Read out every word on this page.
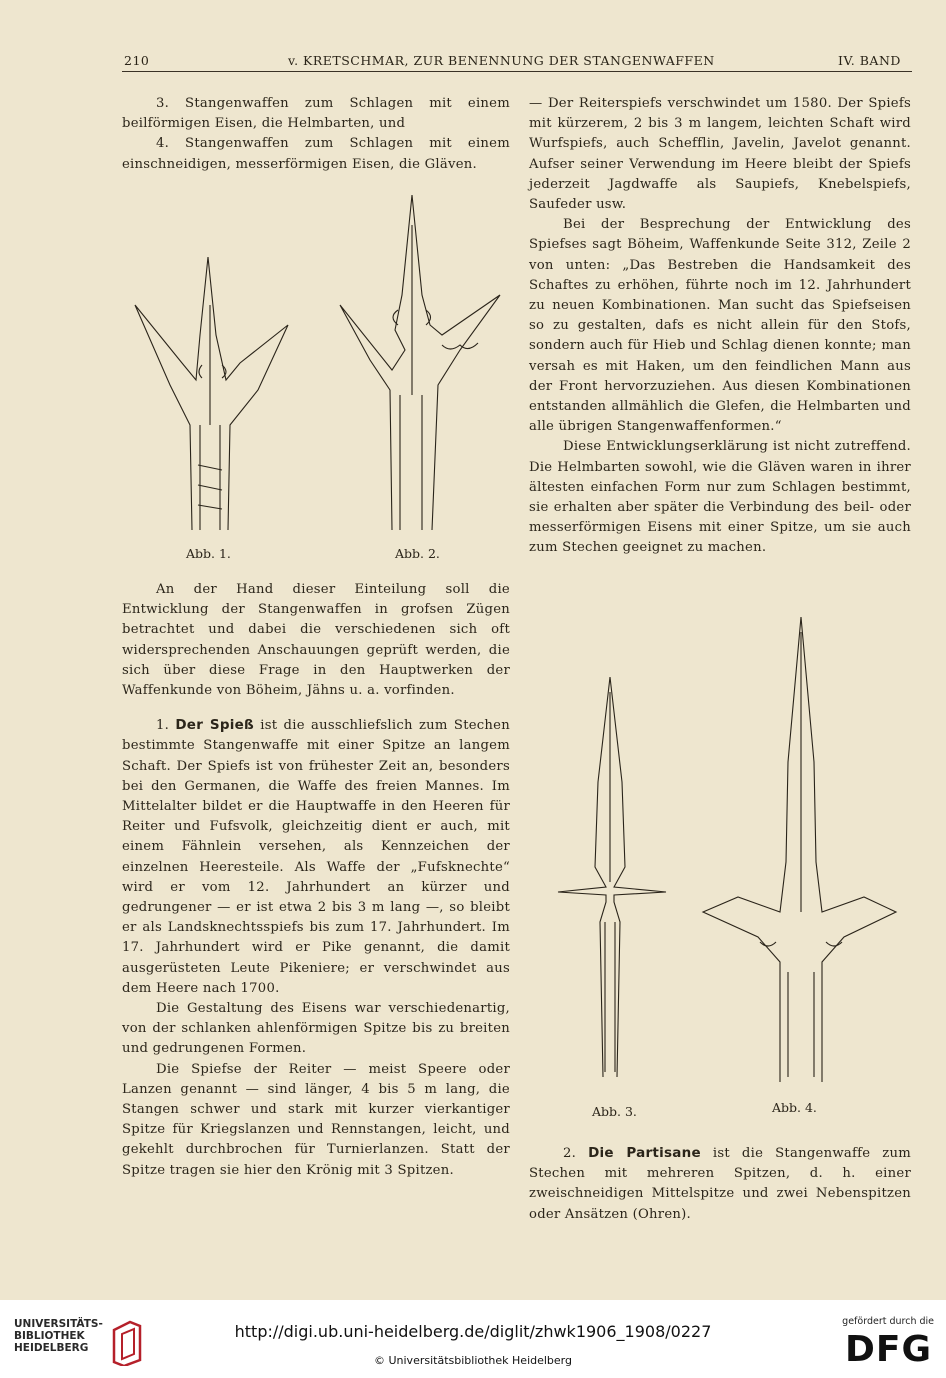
210	v. KRETSCHMAR, ZUR BENENNUNG DER STANGENWAFFEN	IV. BAND

3. Stangenwaffen zum Schlagen mit einem beilförmigen Eisen, die Helmbarten, und

4. Stangenwaffen zum Schlagen mit einem einschneidigen, messerförmigen Eisen, die Gläven.

Abb. 1.	Abb. 2.

An der Hand dieser Einteilung soll die Entwicklung der Stangenwaffen in grofsen Zügen betrachtet und dabei die verschiedenen sich oft widersprechenden Anschauungen geprüft werden, die sich über diese Frage in den Hauptwerken der Waffenkunde von Böheim, Jähns u. a. vorfinden.

1. Der Spieß ist die ausschliefslich zum Stechen bestimmte Stangenwaffe mit einer Spitze an langem Schaft. Der Spiefs ist von frühester Zeit an, besonders bei den Germanen, die Waffe des freien Mannes. Im Mittelalter bildet er die Hauptwaffe in den Heeren für Reiter und Fufsvolk, gleichzeitig dient er auch, mit einem Fähnlein versehen, als Kennzeichen der einzelnen Heeresteile. Als Waffe der „Fufsknechte“ wird er vom 12. Jahrhundert an kürzer und gedrungener — er ist etwa 2 bis 3 m lang —, so bleibt er als Landsknechtsspiefs bis zum 17. Jahrhundert. Im 17. Jahrhundert wird er Pike genannt, die damit ausgerüsteten Leute Pikeniere; er verschwindet aus dem Heere nach 1700.

Die Gestaltung des Eisens war verschiedenartig, von der schlanken ahlenförmigen Spitze bis zu breiten und gedrungenen Formen.

Die Spiefse der Reiter — meist Speere oder Lanzen genannt — sind länger, 4 bis 5 m lang, die Stangen schwer und stark mit kurzer vierkantiger Spitze für Kriegslanzen und Rennstangen, leicht, und gekehlt durchbrochen für Turnierlanzen. Statt der Spitze tragen sie hier den Krönig mit 3 Spitzen.

— Der Reiterspiefs verschwindet um 1580. Der Spiefs mit kürzerem, 2 bis 3 m langem, leichten Schaft wird Wurfspiefs, auch Schefflin, Javelin, Javelot genannt. Aufser seiner Verwendung im Heere bleibt der Spiefs jederzeit Jagdwaffe als Saupiefs, Knebelspiefs, Saufeder usw.

Bei der Besprechung der Entwicklung des Spiefses sagt Böheim, Waffenkunde Seite 312, Zeile 2 von unten: „Das Bestreben die Handsamkeit des Schaftes zu erhöhen, führte noch im 12. Jahrhundert zu neuen Kombinationen. Man sucht das Spiefseisen so zu gestalten, dafs es nicht allein für den Stofs, sondern auch für Hieb und Schlag dienen konnte; man versah es mit Haken, um den feindlichen Mann aus der Front hervorzuziehen. Aus diesen Kombinationen entstanden allmählich die Glefen, die Helmbarten und alle übrigen Stangenwaffenformen.“

Diese Entwicklungserklärung ist nicht zutreffend. Die Helmbarten sowohl, wie die Gläven waren in ihrer ältesten einfachen Form nur zum Schlagen bestimmt, sie erhalten aber später die Verbindung des beil- oder messerförmigen Eisens mit einer Spitze, um sie auch zum Stechen geeignet zu machen.

Abb. 3.	Abb. 4.

2. Die Partisane ist die Stangenwaffe zum Stechen mit mehreren Spitzen, d. h. einer zweischneidigen Mittelspitze und zwei Nebenspitzen oder Ansätzen (Ohren).

UNIVERSITÄTS-
BIBLIOTHEK
HEIDELBERG
http://digi.ub.uni-heidelberg.de/diglit/zhwk1906_1908/0227
© Universitätsbibliothek Heidelberg
gefördert durch die
DFG
